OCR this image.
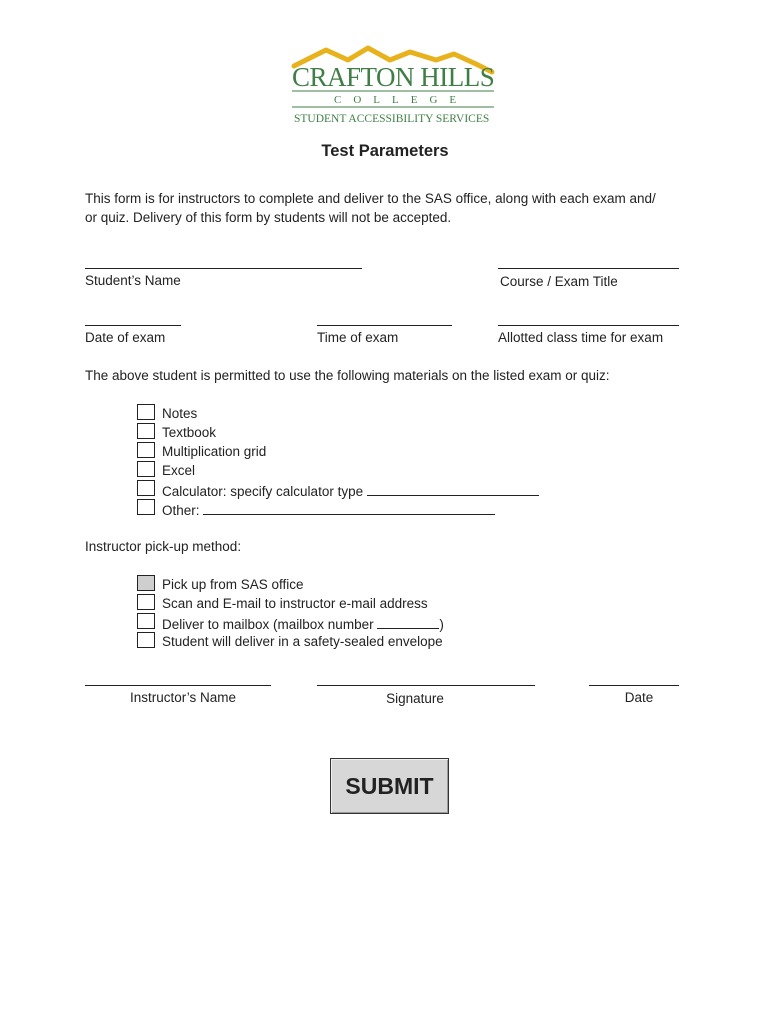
CRAFTON HILLS
COLLEGE
STUDENT ACCESSIBILITY SERVICES
Test Parameters
This form is for instructors to complete and deliver to the SAS office, along with each exam and/
or quiz. Delivery of this form by students will not be accepted.
Student’s Name	Course / Exam Title
Date of exam	Time of exam	Allotted class time for exam
The above student is permitted to use the following materials on the listed exam or quiz:
Notes
Textbook
Multiplication grid
Excel
Calculator: specify calculator type
Other:
Instructor pick-up method:
Pick up from SAS office
Scan and E-mail to instructor e-mail address
Deliver to mailbox (mailbox number	)
Student will deliver in a safety-sealed envelope
Instructor’s Name	Signature	Date
SUBMIT
